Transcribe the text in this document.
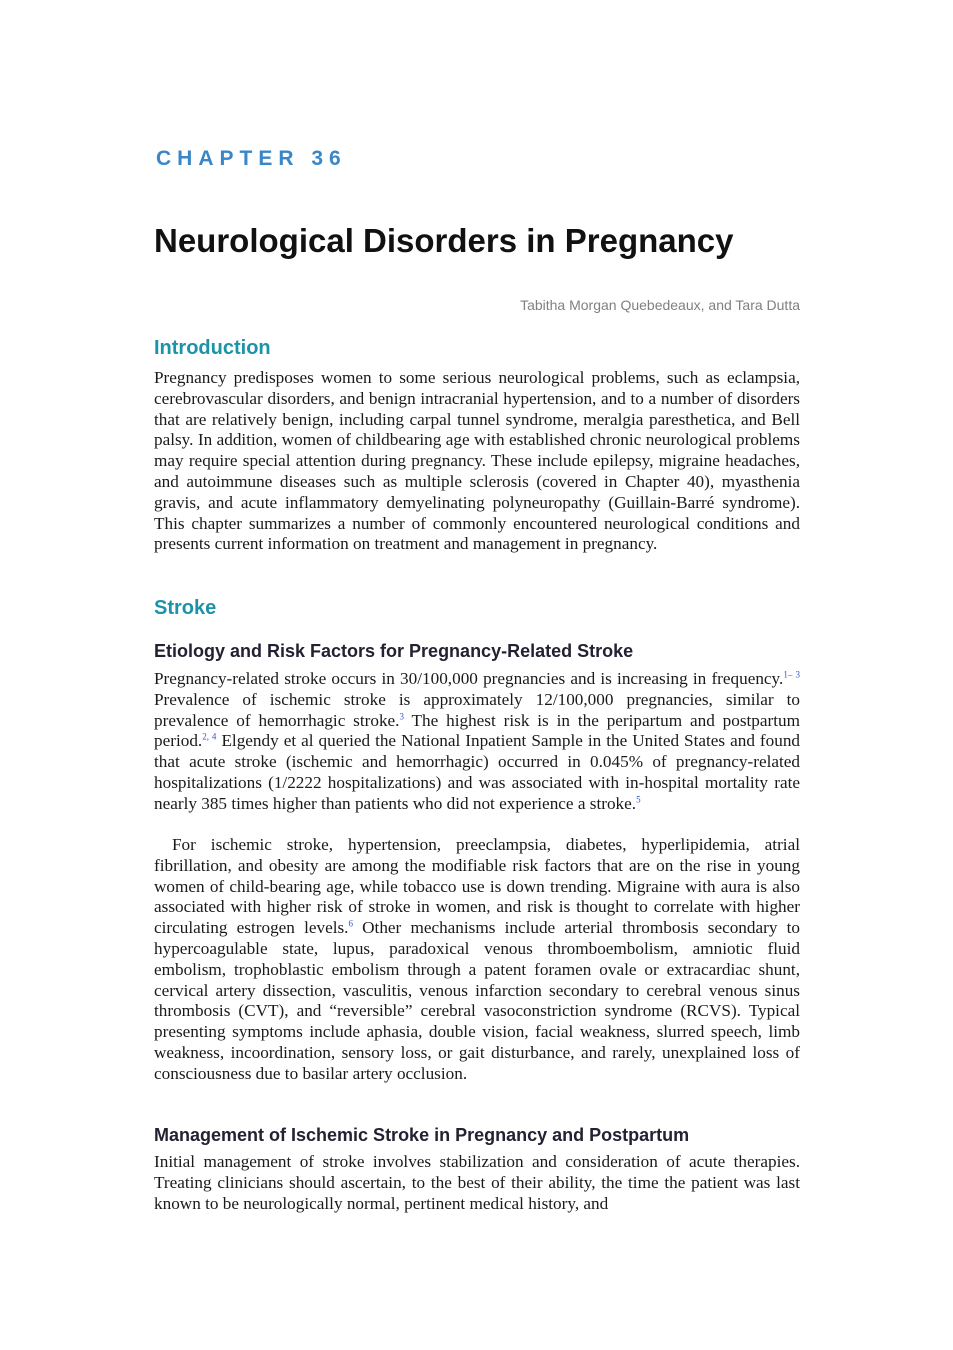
CHAPTER 36
Neurological Disorders in Pregnancy
Tabitha Morgan Quebedeaux, and Tara Dutta
Introduction

Pregnancy predisposes women to some serious neurological problems, such as eclampsia, cerebrovascular disorders, and benign intracranial hypertension, and to a number of disorders that are relatively benign, including carpal tunnel syndrome, meralgia paresthetica, and Bell palsy. In addition, women of childbearing age with established chronic neurological problems may require special attention during pregnancy. These include epilepsy, migraine headaches, and autoimmune diseases such as multiple sclerosis (covered in Chapter 40), myasthenia gravis, and acute inflammatory demyelinating polyneuropathy (Guillain-Barré syndrome). This chapter summarizes a number of commonly encountered neurological conditions and presents current information on treatment and management in pregnancy.

Stroke
Etiology and Risk Factors for Pregnancy-Related Stroke

Pregnancy-related stroke occurs in 30/100,000 pregnancies and is increasing in frequency.$^{1- 3}$ Prevalence of ischemic stroke is approximately 12/100,000 pregnancies, similar to prevalence of hemorrhagic stroke.$^3$ The highest risk is in the peripartum and postpartum period.$^{2, 4}$ Elgendy et al queried the National Inpatient Sample in the United States and found that acute stroke (ischemic and hemorrhagic) occurred in 0.045% of pregnancy-related hospitalizations (1/2222 hospitalizations) and was associated with in-hospital mortality rate nearly 385 times higher than patients who did not experience a stroke.$^5$

For ischemic stroke, hypertension, preeclampsia, diabetes, hyperlipidemia, atrial fibrillation, and obesity are among the modifiable risk factors that are on the rise in young women of child-bearing age, while tobacco use is down trending. Migraine with aura is also associated with higher risk of stroke in women, and risk is thought to correlate with higher circulating estrogen levels.$^6$ Other mechanisms include arterial thrombosis secondary to hypercoagulable state, lupus, paradoxical venous thromboembolism, amniotic fluid embolism, trophoblastic embolism through a patent foramen ovale or extracardiac shunt, cervical artery dissection, vasculitis, venous infarction secondary to cerebral venous sinus thrombosis (CVT), and “reversible” cerebral vasoconstriction syndrome (RCVS). Typical presenting symptoms include aphasia, double vision, facial weakness, slurred speech, limb weakness, incoordination, sensory loss, or gait disturbance, and rarely, unexplained loss of consciousness due to basilar artery occlusion.

Management of Ischemic Stroke in Pregnancy and Postpartum

Initial management of stroke involves stabilization and consideration of acute therapies. Treating clinicians should ascertain, to the best of their ability, the time the patient was last known to be neurologically normal, pertinent medical history, and
